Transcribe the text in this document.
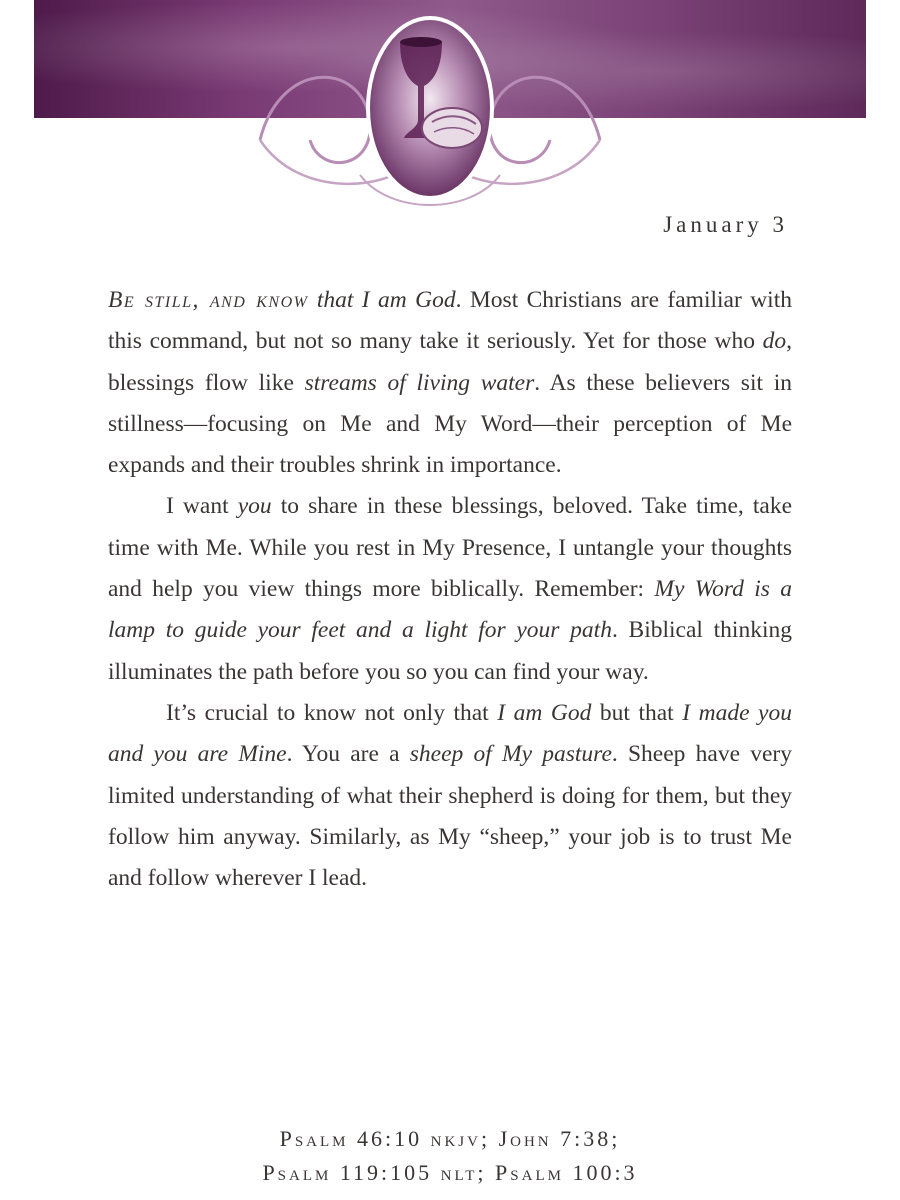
January 3

Be still, and know that I am God. Most Christians are familiar with this command, but not so many take it seriously. Yet for those who do, blessings flow like streams of living water. As these believers sit in stillness—focusing on Me and My Word—their perception of Me expands and their troubles shrink in importance.

I want you to share in these blessings, beloved. Take time, take time with Me. While you rest in My Presence, I untangle your thoughts and help you view things more biblically. Remember: My Word is a lamp to guide your feet and a light for your path. Biblical thinking illuminates the path before you so you can find your way.

It’s crucial to know not only that I am God but that I made you and you are Mine. You are a sheep of My pasture. Sheep have very limited understanding of what their shepherd is doing for them, but they follow him anyway. Similarly, as My “sheep,” your job is to trust Me and follow wherever I lead.

Psalm 46:10 nkjv; John 7:38;
Psalm 119:105 nlt; Psalm 100:3
